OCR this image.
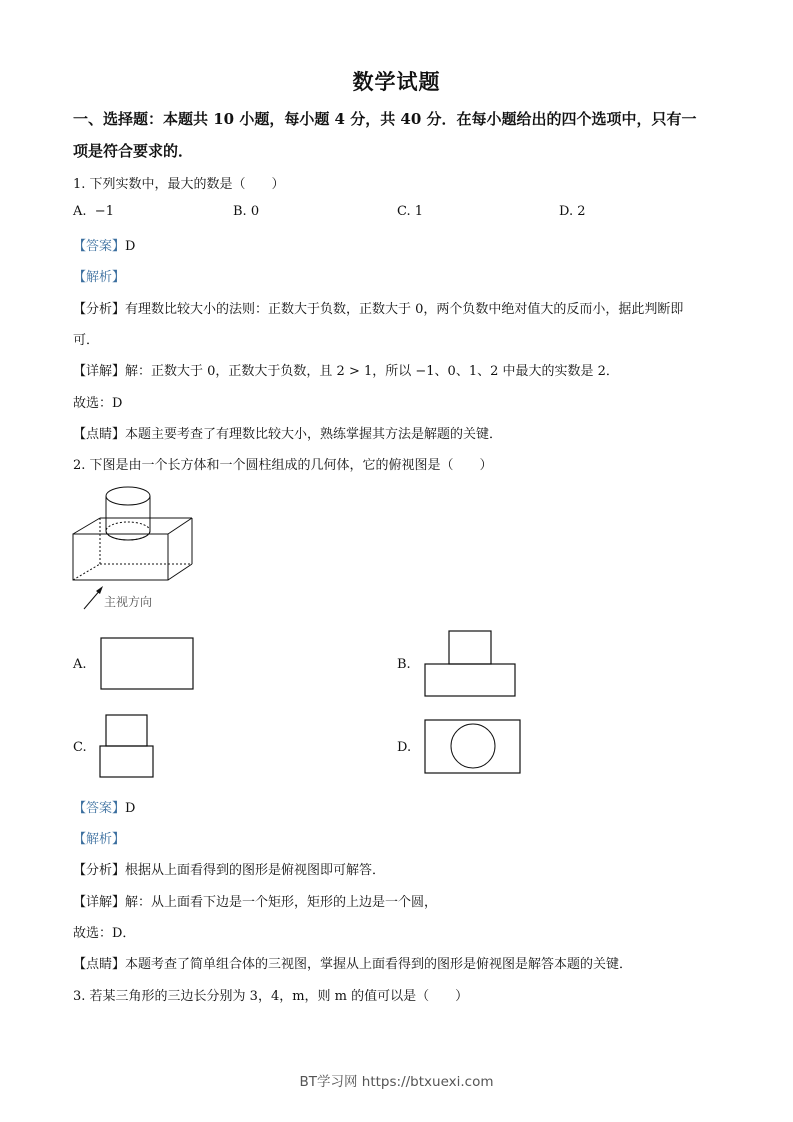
数学试题
一、选择题：本题共 10 小题，每小题 4 分，共 40 分．在每小题给出的四个选项中，只有一
项是符合要求的．
1. 下列实数中，最大的数是（　　）
A. −1	B. 0	C. 1	D. 2
【答案】D
【解析】
【分析】有理数比较大小的法则：正数大于负数，正数大于 0，两个负数中绝对值大的反而小，据此判断即
可．
【详解】解：正数大于 0，正数大于负数，且 2 > 1，所以 −1、0、1、2 中最大的实数是 2．
故选：D
【点睛】本题主要考查了有理数比较大小，熟练掌握其方法是解题的关键．
2. 下图是由一个长方体和一个圆柱组成的几何体，它的俯视图是（　　）
主视方向
A.	B.
C.	D.
【答案】D
【解析】
【分析】根据从上面看得到的图形是俯视图即可解答．
【详解】解：从上面看下边是一个矩形，矩形的上边是一个圆，
故选：D．
【点睛】本题考查了简单组合体的三视图，掌握从上面看得到的图形是俯视图是解答本题的关键．
3. 若某三角形的三边长分别为 3，4，m，则 m 的值可以是（　　）
BT学习网 https://btxuexi.com
